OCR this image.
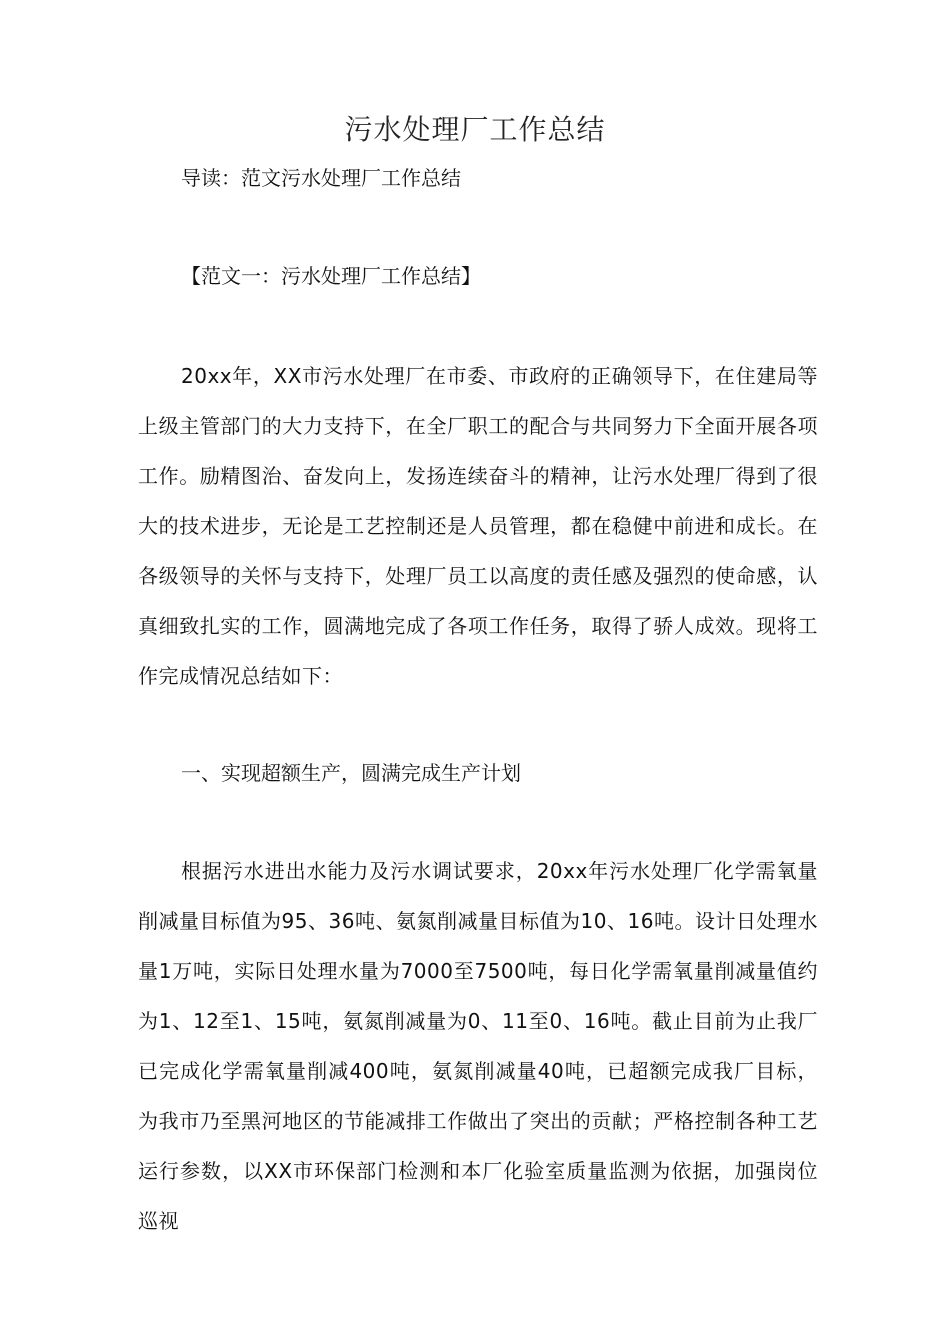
污水处理厂工作总结
导读：范文污水处理厂工作总结
【范文一：污水处理厂工作总结】
20xx年，XX市污水处理厂在市委、市政府的正确领导下，在住建局等上级主管部门的大力支持下，在全厂职工的配合与共同努力下全面开展各项工作。励精图治、奋发向上，发扬连续奋斗的精神，让污水处理厂得到了很大的技术进步，无论是工艺控制还是人员管理，都在稳健中前进和成长。在各级领导的关怀与支持下，处理厂员工以高度的责任感及强烈的使命感，认真细致扎实的工作，圆满地完成了各项工作任务，取得了骄人成效。现将工作完成情况总结如下：
一、实现超额生产，圆满完成生产计划
根据污水进出水能力及污水调试要求，20xx年污水处理厂化学需氧量削减量目标值为95、36吨、氨氮削减量目标值为10、16吨。设计日处理水量1万吨，实际日处理水量为7000至7500吨，每日化学需氧量削减量值约为1、12至1、15吨，氨氮削减量为0、11至0、16吨。截止目前为止我厂已完成化学需氧量削减400吨，氨氮削减量40吨，已超额完成我厂目标，为我市乃至黑河地区的节能减排工作做出了突出的贡献；严格控制各种工艺运行参数，以XX市环保部门检测和本厂化验室质量监测为依据，加强岗位巡视
